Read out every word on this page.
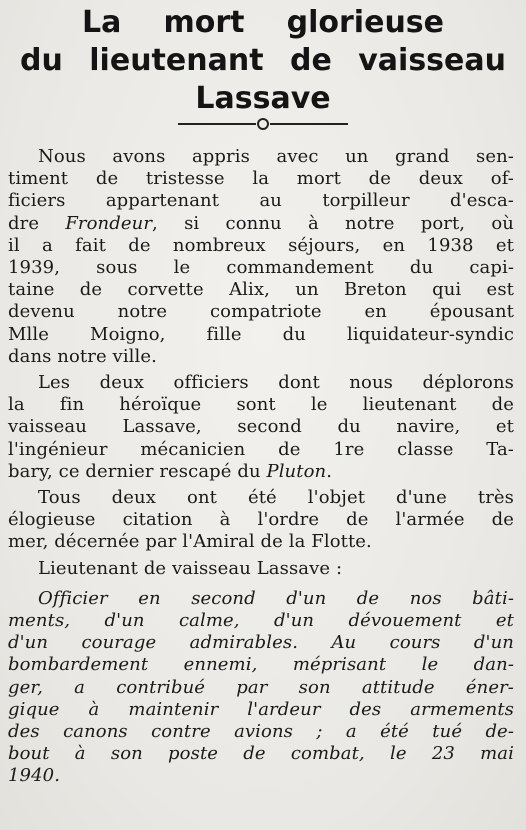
La mort glorieuse
du lieutenant de vaisseau
Lassave
Nous avons appris avec un grand sen-
timent de tristesse la mort de deux of-
ficiers appartenant au torpilleur d'esca-
dre Frondeur, si connu à notre port, où
il a fait de nombreux séjours, en 1938 et
1939, sous le commandement du capi-
taine de corvette Alix, un Breton qui est
devenu notre compatriote en épousant
Mlle Moigno, fille du liquidateur-syndic
dans notre ville.
Les deux officiers dont nous déplorons
la fin héroïque sont le lieutenant de
vaisseau Lassave, second du navire, et
l'ingénieur mécanicien de 1re classe Ta-
bary, ce dernier rescapé du Pluton.
Tous deux ont été l'objet d'une très
élogieuse citation à l'ordre de l'armée de
mer, décernée par l'Amiral de la Flotte.
Lieutenant de vaisseau Lassave :
Officier en second d'un de nos bâti-
ments, d'un calme, d'un dévouement et
d'un courage admirables. Au cours d'un
bombardement ennemi, méprisant le dan-
ger, a contribué par son attitude éner-
gique à maintenir l'ardeur des armements
des canons contre avions ; a été tué de-
bout à son poste de combat, le 23 mai
1940.
